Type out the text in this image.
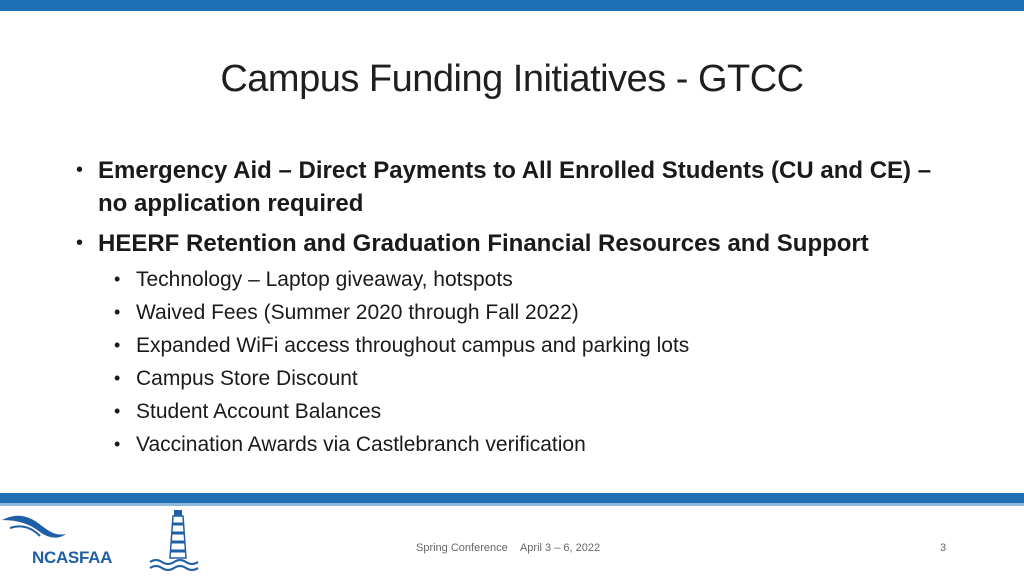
Campus Funding Initiatives - GTCC
• Emergency Aid – Direct Payments to All Enrolled Students (CU and CE) – no application required
• HEERF Retention and Graduation Financial Resources and Support
• Technology – Laptop giveaway, hotspots
• Waived Fees (Summer 2020 through Fall 2022)
• Expanded WiFi access throughout campus and parking lots
• Campus Store Discount
• Student Account Balances
• Vaccination Awards via Castlebranch verification
NCASFAA	Spring Conference April 3 – 6, 2022	3
